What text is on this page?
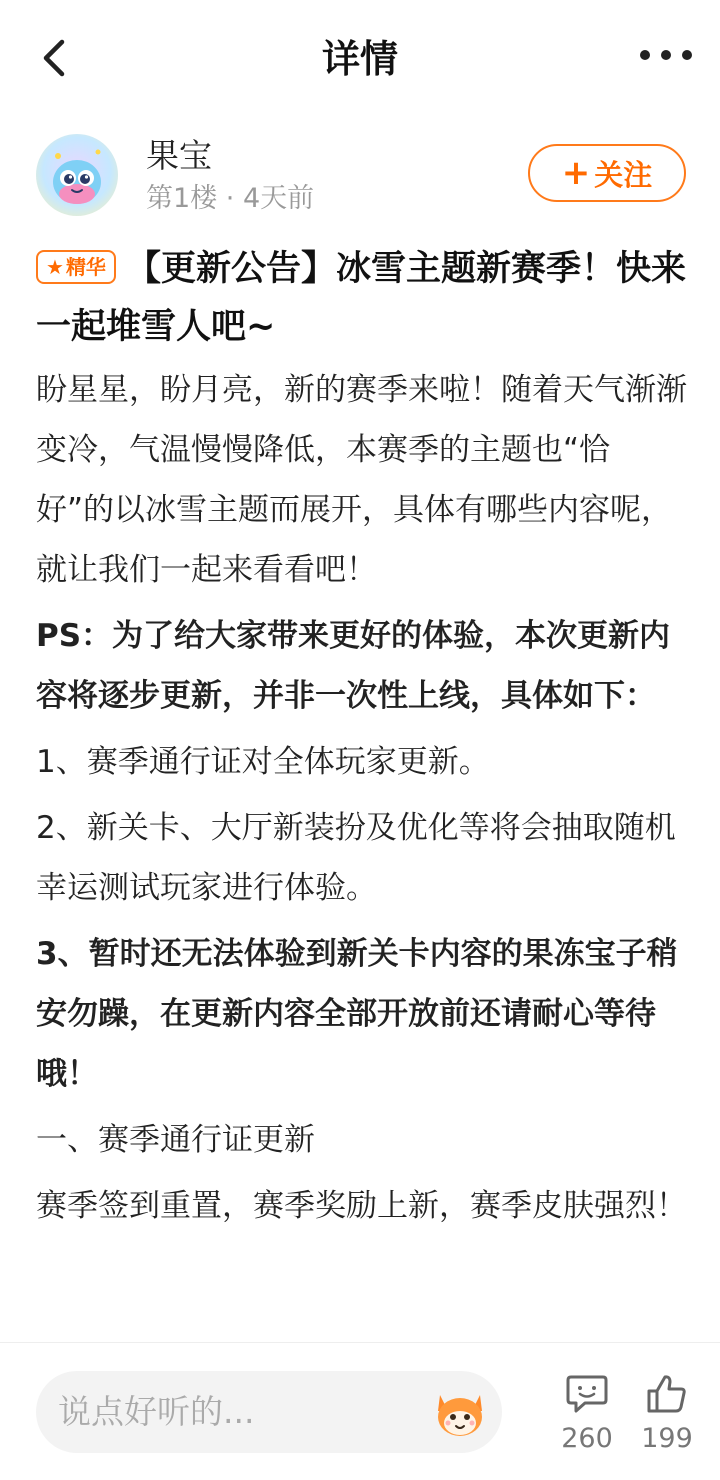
详情
果宝
第1楼 · 4天前
+ 关注
★ 精华 【更新公告】冰雪主题新赛季！快来一起堆雪人吧~

盼星星，盼月亮，新的赛季来啦！随着天气渐渐变冷，气温慢慢降低，本赛季的主题也“恰好”的以冰雪主题而展开，具体有哪些内容呢，就让我们一起来看看吧！

PS：为了给大家带来更好的体验，本次更新内容将逐步更新，并非一次性上线，具体如下：

1、赛季通行证对全体玩家更新。

2、新关卡、大厅新装扮及优化等将会抽取随机幸运测试玩家进行体验。

3、暂时还无法体验到新关卡内容的果冻宝子稍安勿躁，在更新内容全部开放前还请耐心等待哦！

一、赛季通行证更新

赛季签到重置，赛季奖励上新，赛季皮肤强烈！

说点好听的...
260 199
